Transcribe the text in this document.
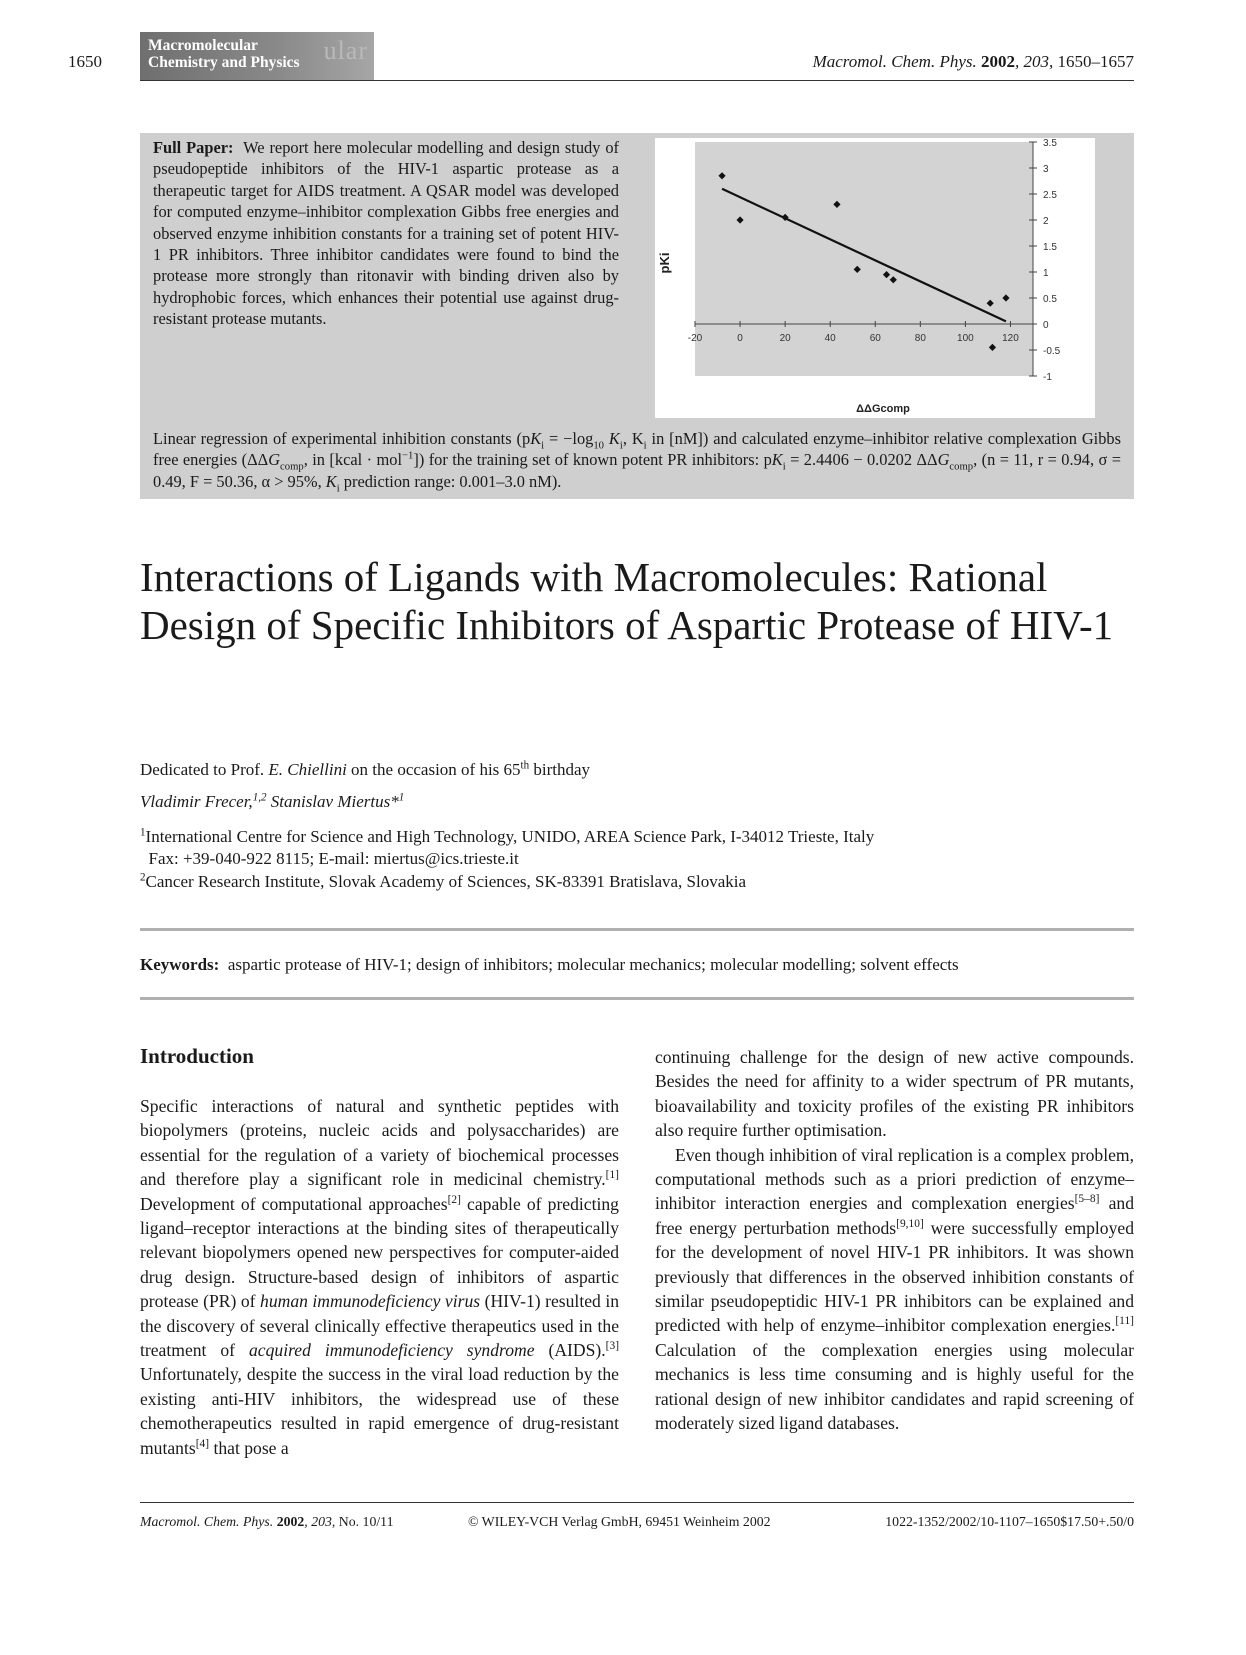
1650	ular
Macromolecular
Chemistry and Physics	Macromol. Chem. Phys. 2002, 203, 1650–1657
Full Paper: We report here molecular modelling and design study of pseudopeptide inhibitors of the HIV-1 aspartic protease as a therapeutic target for AIDS treatment. A QSAR model was developed for computed enzyme–inhibitor complexation Gibbs free energies and observed enzyme inhibition constants for a training set of potent HIV-1 PR inhibitors. Three inhibitor candidates were found to bind the protease more strongly than ritonavir with binding driven also by hydrophobic forces, which enhances their potential use against drug-resistant protease mutants.
-20	0	20	40	60	80	100	120
3.5
3
2.5
2
1.5
1
0.5
0
-0.5
-1
pKi
ΔΔGcomp
Linear regression of experimental inhibition constants ($pK_i = -\log_{10}$ $K_i$, $K_i$ in [nM]) and calculated enzyme–inhibitor relative complexation Gibbs free energies ($\Delta\Delta G_{comp}$, in [kcal · mol$^{-1}$]) for the training set of known potent PR inhibitors: $pK_i = 2.4406 - 0.0202$ $\Delta\Delta G_{comp}$, (n = 11, r = 0.94, σ = 0.49, F = 50.36, α > 95%, $K_i$ prediction range: 0.001–3.0 nM).
Interactions of Ligands with Macromolecules: Rational Design of Specific Inhibitors of Aspartic Protease of HIV-1
Dedicated to Prof. E. Chiellini on the occasion of his 65th birthday
Vladimir Frecer,$^{1,2}$ Stanislav Miertus*$^1$
$^1$International Centre for Science and High Technology, UNIDO, AREA Science Park, I-34012 Trieste, Italy
Fax: +39-040-922 8115; E-mail: miertus@ics.trieste.it
$^2$Cancer Research Institute, Slovak Academy of Sciences, SK-83391 Bratislava, Slovakia
Keywords: aspartic protease of HIV-1; design of inhibitors; molecular mechanics; molecular modelling; solvent effects
Introduction
Specific interactions of natural and synthetic peptides with biopolymers (proteins, nucleic acids and polysaccharides) are essential for the regulation of a variety of biochemical processes and therefore play a significant role in medicinal chemistry.[1] Development of computational approaches[2] capable of predicting ligand–receptor interactions at the binding sites of therapeutically relevant biopolymers opened new perspectives for computer-aided drug design. Structure-based design of inhibitors of aspartic protease (PR) of human immunodeficiency virus (HIV-1) resulted in the discovery of several clinically effective therapeutics used in the treatment of acquired immunodeficiency syndrome (AIDS).[3] Unfortunately, despite the success in the viral load reduction by the existing anti-HIV inhibitors, the widespread use of these chemotherapeutics resulted in rapid emergence of drug-resistant mutants[4] that pose a

continuing challenge for the design of new active compounds. Besides the need for affinity to a wider spectrum of PR mutants, bioavailability and toxicity profiles of the existing PR inhibitors also require further optimisation.

Even though inhibition of viral replication is a complex problem, computational methods such as a priori prediction of enzyme–inhibitor interaction energies and complexation energies[5–8] and free energy perturbation methods[9,10] were successfully employed for the development of novel HIV-1 PR inhibitors. It was shown previously that differences in the observed inhibition constants of similar pseudopeptidic HIV-1 PR inhibitors can be explained and predicted with help of enzyme–inhibitor complexation energies.[11] Calculation of the complexation energies using molecular mechanics is less time consuming and is highly useful for the rational design of new inhibitor candidates and rapid screening of moderately sized ligand databases.

Macromol. Chem. Phys. 2002, 203, No. 10/11	© WILEY-VCH Verlag GmbH, 69451 Weinheim 2002	1022-1352/2002/10-1107–1650$17.50+.50/0
